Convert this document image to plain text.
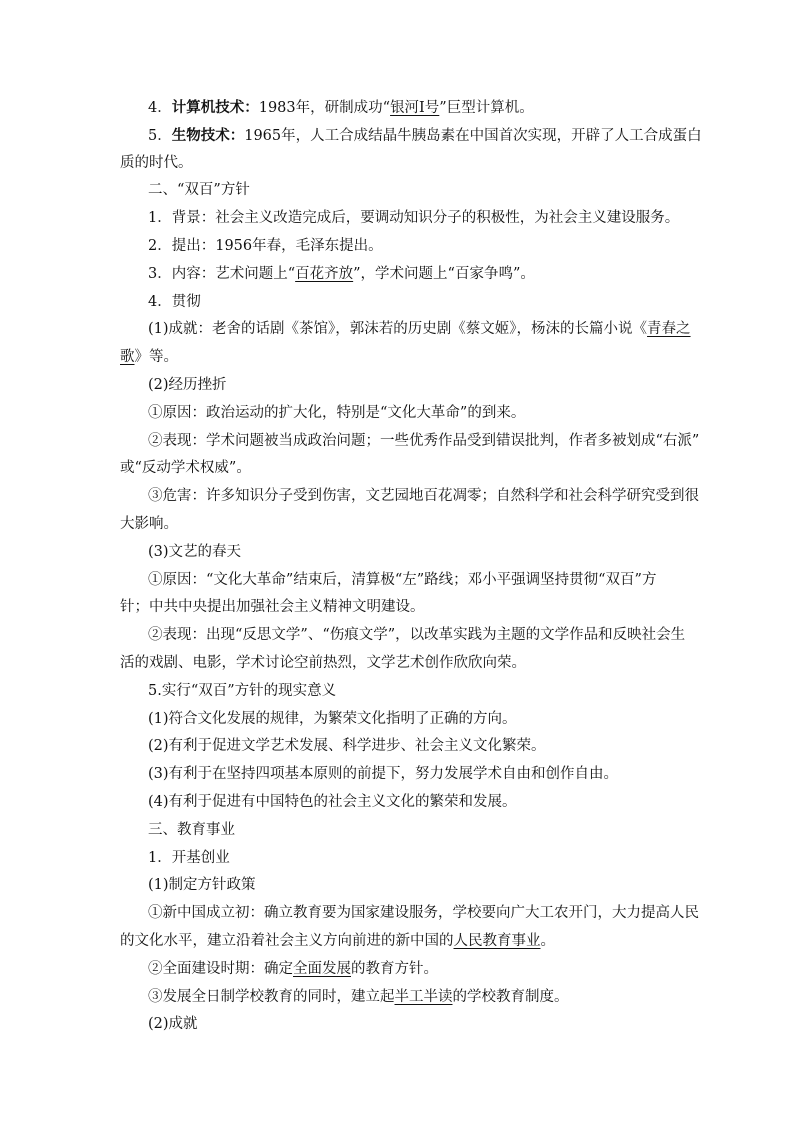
4．计算机技术：1983年，研制成功“银河Ⅰ号”巨型计算机。
5．生物技术：1965年，人工合成结晶牛胰岛素在中国首次实现，开辟了人工合成蛋白
质的时代。
二、“双百”方针
1．背景：社会主义改造完成后，要调动知识分子的积极性，为社会主义建设服务。
2．提出：1956年春，毛泽东提出。
3．内容：艺术问题上“百花齐放”，学术问题上“百家争鸣”。
4．贯彻
(1)成就：老舍的话剧《茶馆》，郭沫若的历史剧《蔡文姬》，杨沫的长篇小说《青春之
歌》等。
(2)经历挫折
①原因：政治运动的扩大化，特别是“文化大革命”的到来。
②表现：学术问题被当成政治问题；一些优秀作品受到错误批判，作者多被划成“右派”
或“反动学术权威”。
③危害：许多知识分子受到伤害，文艺园地百花凋零；自然科学和社会科学研究受到很
大影响。
(3)文艺的春天
①原因：“文化大革命”结束后，清算极“左”路线；邓小平强调坚持贯彻“双百”方
针；中共中央提出加强社会主义精神文明建设。
②表现：出现“反思文学”、“伤痕文学”，以改革实践为主题的文学作品和反映社会生
活的戏剧、电影，学术讨论空前热烈，文学艺术创作欣欣向荣。
5.实行“双百”方针的现实意义
(1)符合文化发展的规律，为繁荣文化指明了正确的方向。
(2)有利于促进文学艺术发展、科学进步、社会主义文化繁荣。
(3)有利于在坚持四项基本原则的前提下，努力发展学术自由和创作自由。
(4)有利于促进有中国特色的社会主义文化的繁荣和发展。
三、教育事业
1．开基创业
(1)制定方针政策
①新中国成立初：确立教育要为国家建设服务，学校要向广大工农开门，大力提高人民
的文化水平，建立沿着社会主义方向前进的新中国的人民教育事业。
②全面建设时期：确定全面发展的教育方针。
③发展全日制学校教育的同时，建立起半工半读的学校教育制度。
(2)成就
